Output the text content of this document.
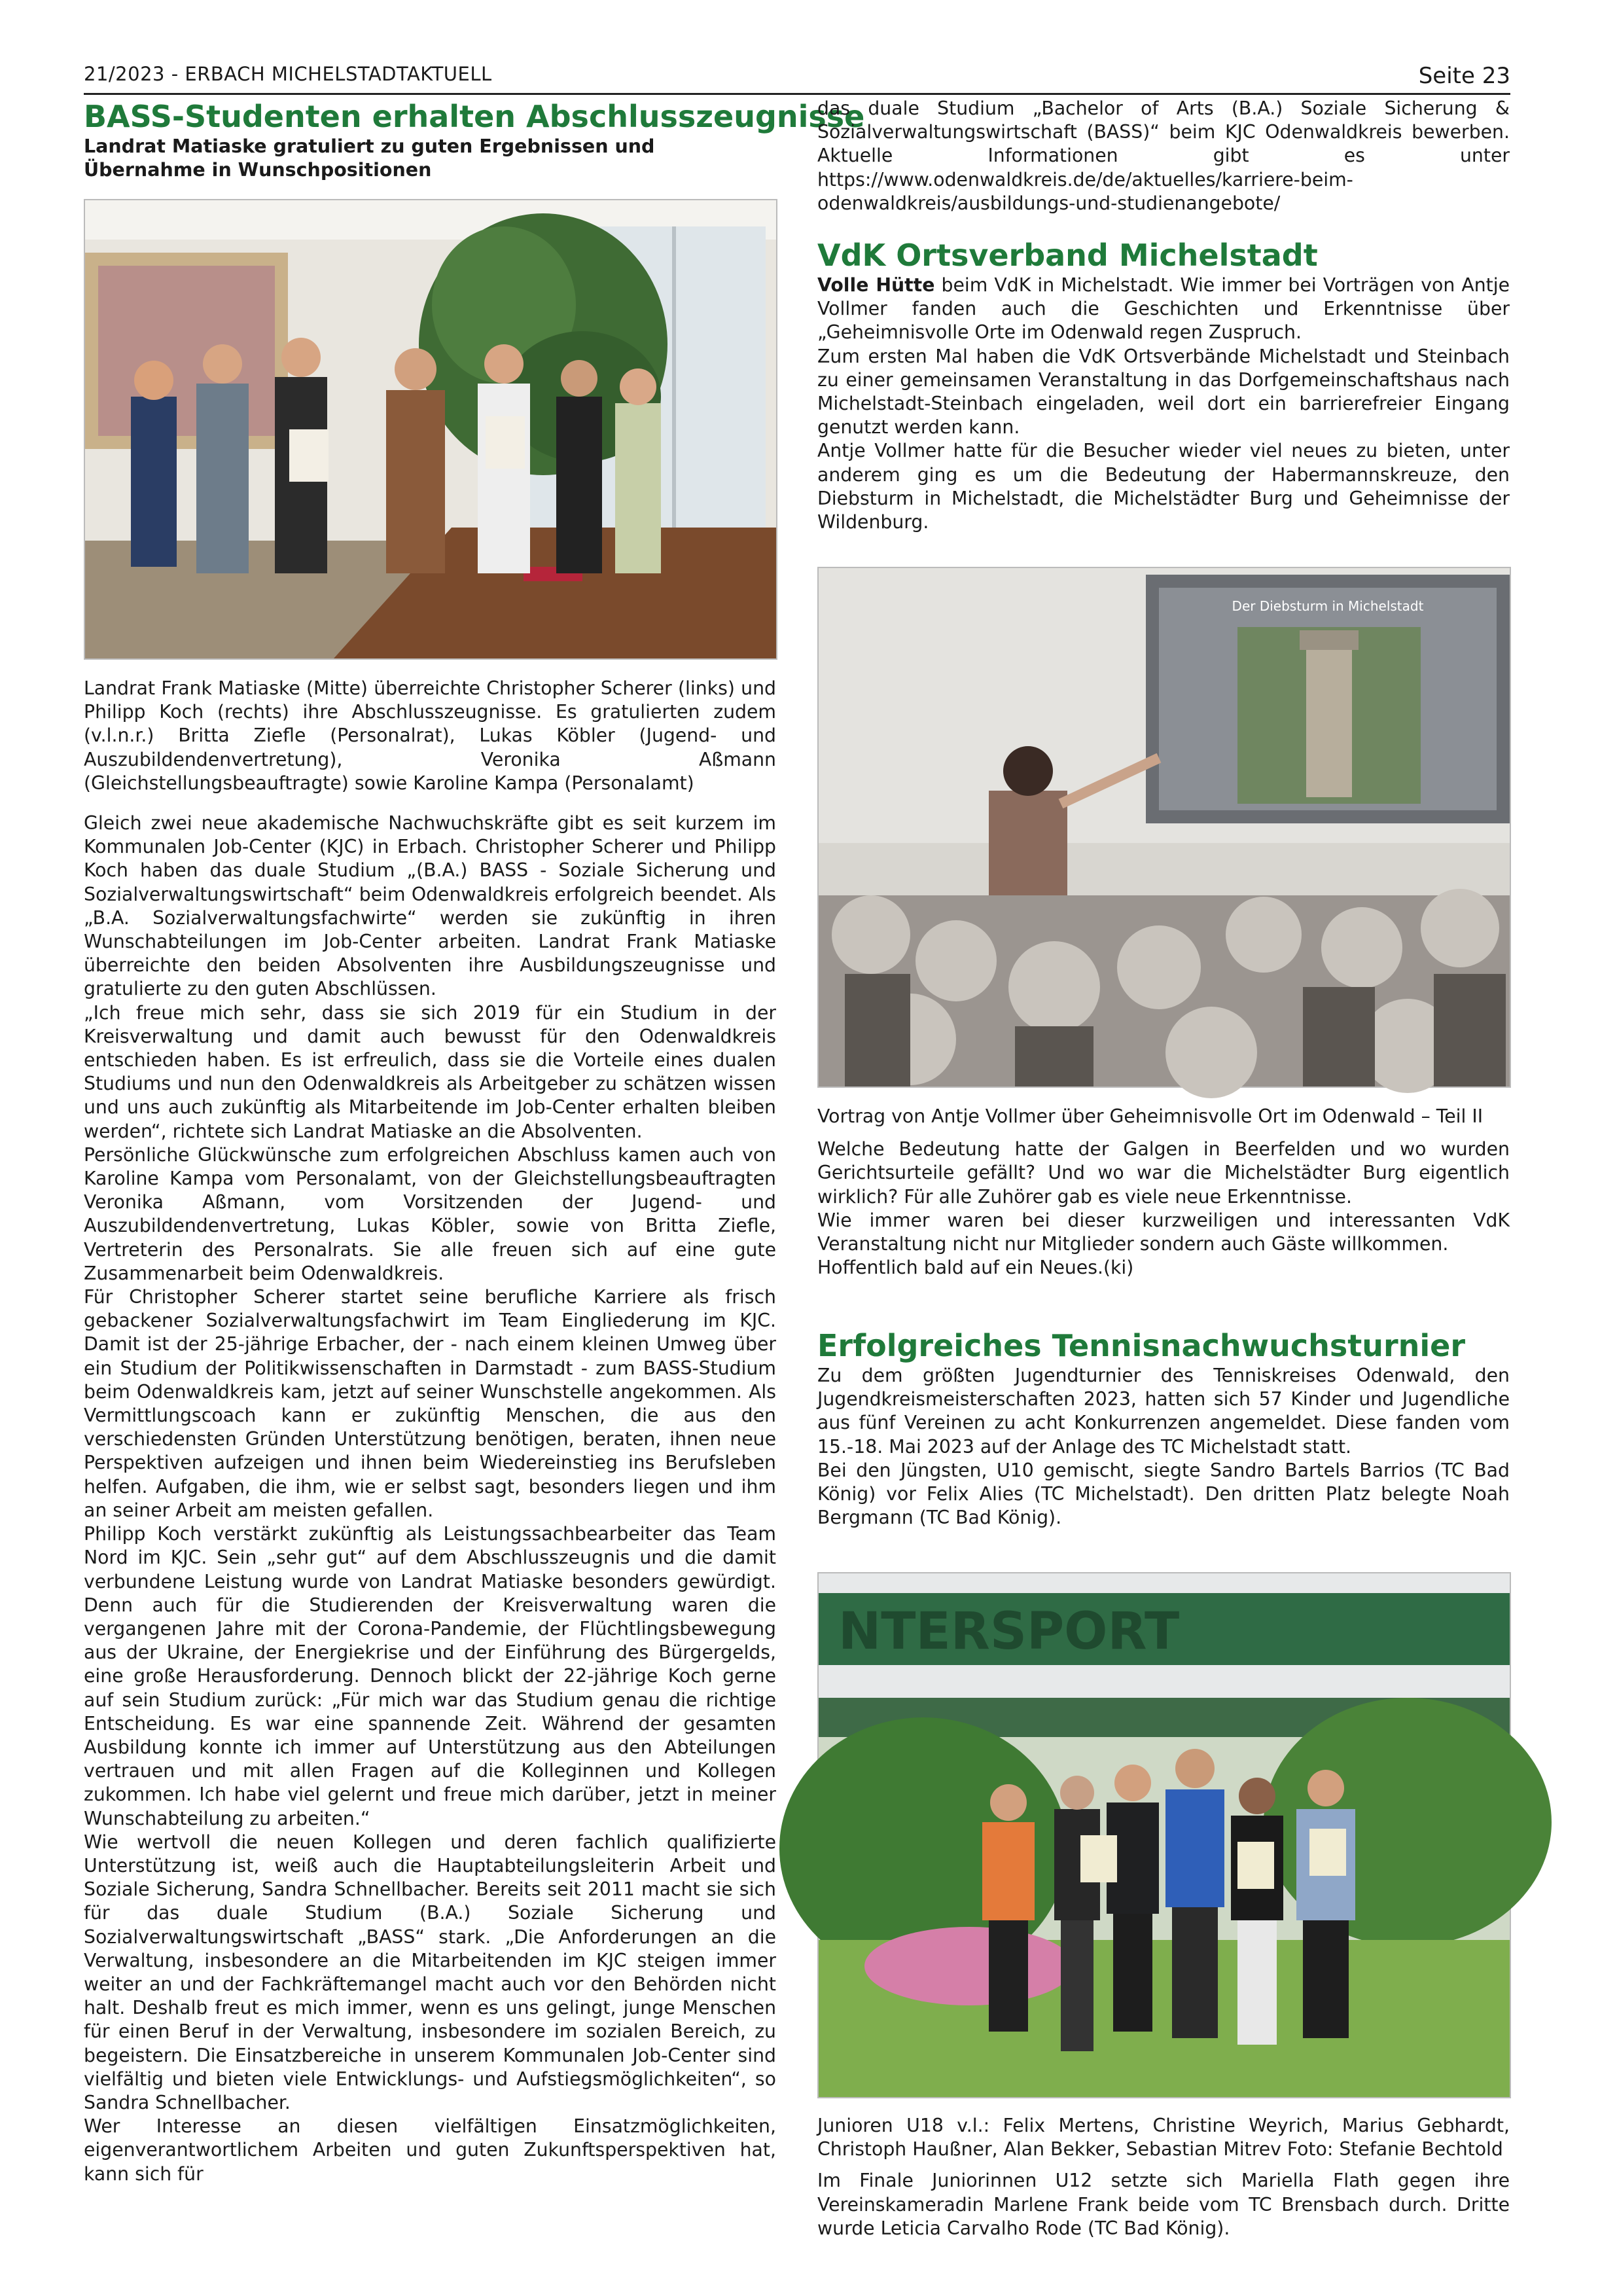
21/2023 - ERBACH MICHELSTADTAKTUELL	Seite 23
BASS-Studenten erhalten Abschlusszeugnisse
Landrat Matiaske gratuliert zu guten Ergebnissen und Übernahme in Wunschpositionen

Landrat Frank Matiaske (Mitte) überreichte Christopher Scherer (links) und Philipp Koch (rechts) ihre Abschlusszeugnisse. Es gratulierten zudem (v.l.n.r.) Britta Ziefle (Personalrat), Lukas Köbler (Jugend- und Auszubildendenvertretung), Veronika Aßmann (Gleichstellungsbeauftragte) sowie Karoline Kampa (Personalamt)

Gleich zwei neue akademische Nachwuchskräfte gibt es seit kurzem im Kommunalen Job-Center (KJC) in Erbach. Christopher Scherer und Philipp Koch haben das duale Studium „(B.A.) BASS - Soziale Sicherung und Sozialverwaltungswirtschaft“ beim Odenwaldkreis erfolgreich beendet. Als „B.A. Sozialverwaltungsfachwirte“ werden sie zukünftig in ihren Wunschabteilungen im Job-Center arbeiten. Landrat Frank Matiaske überreichte den beiden Absolventen ihre Ausbildungszeugnisse und gratulierte zu den guten Abschlüssen.

„Ich freue mich sehr, dass sie sich 2019 für ein Studium in der Kreisverwaltung und damit auch bewusst für den Odenwaldkreis entschieden haben. Es ist erfreulich, dass sie die Vorteile eines dualen Studiums und nun den Odenwaldkreis als Arbeitgeber zu schätzen wissen und uns auch zukünftig als Mitarbeitende im Job-Center erhalten bleiben werden“, richtete sich Landrat Matiaske an die Absolventen.

Persönliche Glückwünsche zum erfolgreichen Abschluss kamen auch von Karoline Kampa vom Personalamt, von der Gleichstellungsbeauftragten Veronika Aßmann, vom Vorsitzenden der Jugend- und Auszubildendenvertretung, Lukas Köbler, sowie von Britta Ziefle, Vertreterin des Personalrats. Sie alle freuen sich auf eine gute Zusammenarbeit beim Odenwaldkreis.

Für Christopher Scherer startet seine berufliche Karriere als frisch gebackener Sozialverwaltungsfachwirt im Team Eingliederung im KJC. Damit ist der 25-jährige Erbacher, der - nach einem kleinen Umweg über ein Studium der Politikwissenschaften in Darmstadt - zum BASS-Studium beim Odenwaldkreis kam, jetzt auf seiner Wunschstelle angekommen. Als Vermittlungscoach kann er zukünftig Menschen, die aus den verschiedensten Gründen Unterstützung benötigen, beraten, ihnen neue Perspektiven aufzeigen und ihnen beim Wiedereinstieg ins Berufsleben helfen. Aufgaben, die ihm, wie er selbst sagt, besonders liegen und ihm an seiner Arbeit am meisten gefallen.

Philipp Koch verstärkt zukünftig als Leistungssachbearbeiter das Team Nord im KJC. Sein „sehr gut“ auf dem Abschlusszeugnis und die damit verbundene Leistung wurde von Landrat Matiaske besonders gewürdigt. Denn auch für die Studierenden der Kreisverwaltung waren die vergangenen Jahre mit der Corona-Pandemie, der Flüchtlingsbewegung aus der Ukraine, der Energiekrise und der Einführung des Bürgergelds, eine große Herausforderung. Dennoch blickt der 22-jährige Koch gerne auf sein Studium zurück: „Für mich war das Studium genau die richtige Entscheidung. Es war eine spannende Zeit. Während der gesamten Ausbildung konnte ich immer auf Unterstützung aus den Abteilungen vertrauen und mit allen Fragen auf die Kolleginnen und Kollegen zukommen. Ich habe viel gelernt und freue mich darüber, jetzt in meiner Wunschabteilung zu arbeiten.“

Wie wertvoll die neuen Kollegen und deren fachlich qualifizierte Unterstützung ist, weiß auch die Hauptabteilungsleiterin Arbeit und Soziale Sicherung, Sandra Schnellbacher. Bereits seit 2011 macht sie sich für das duale Studium (B.A.) Soziale Sicherung und Sozialverwaltungswirtschaft „BASS“ stark. „Die Anforderungen an die Verwaltung, insbesondere an die Mitarbeitenden im KJC steigen immer weiter an und der Fachkräftemangel macht auch vor den Behörden nicht halt. Deshalb freut es mich immer, wenn es uns gelingt, junge Menschen für einen Beruf in der Verwaltung, insbesondere im sozialen Bereich, zu begeistern. Die Einsatzbereiche in unserem Kommunalen Job-Center sind vielfältig und bieten viele Entwicklungs- und Aufstiegsmöglichkeiten“, so Sandra Schnellbacher.

Wer Interesse an diesen vielfältigen Einsatzmöglichkeiten, eigenverantwortlichem Arbeiten und guten Zukunftsperspektiven hat, kann sich für

das duale Studium „Bachelor of Arts (B.A.) Soziale Sicherung & Sozialverwaltungswirtschaft (BASS)“ beim KJC Odenwaldkreis bewerben. Aktuelle Informationen gibt es unter https://www.odenwaldkreis.de/de/aktuelles/karriere-beim-odenwaldkreis/ausbildungs-und-studienangebote/

VdK Ortsverband Michelstadt

Volle Hütte beim VdK in Michelstadt. Wie immer bei Vorträgen von Antje Vollmer fanden auch die Geschichten und Erkenntnisse über „Geheimnisvolle Orte im Odenwald regen Zuspruch.

Zum ersten Mal haben die VdK Ortsverbände Michelstadt und Steinbach zu einer gemeinsamen Veranstaltung in das Dorfgemeinschaftshaus nach Michelstadt-Steinbach eingeladen, weil dort ein barrierefreier Eingang genutzt werden kann.

Antje Vollmer hatte für die Besucher wieder viel neues zu bieten, unter anderem ging es um die Bedeutung der Habermannskreuze, den Diebsturm in Michelstadt, die Michelstädter Burg und Geheimnisse der Wildenburg.

Der Diebsturm in Michelstadt

Vortrag von Antje Vollmer über Geheimnisvolle Ort im Odenwald – Teil II

Welche Bedeutung hatte der Galgen in Beerfelden und wo wurden Gerichtsurteile gefällt? Und wo war die Michelstädter Burg eigentlich wirklich? Für alle Zuhörer gab es viele neue Erkenntnisse.

Wie immer waren bei dieser kurzweiligen und interessanten VdK Veranstaltung nicht nur Mitglieder sondern auch Gäste willkommen.

Hoffentlich bald auf ein Neues.(ki)

Erfolgreiches Tennisnachwuchsturnier

Zu dem größten Jugendturnier des Tenniskreises Odenwald, den Jugendkreismeisterschaften 2023, hatten sich 57 Kinder und Jugendliche aus fünf Vereinen zu acht Konkurrenzen angemeldet. Diese fanden vom 15.-18. Mai 2023 auf der Anlage des TC Michelstadt statt.

Bei den Jüngsten, U10 gemischt, siegte Sandro Bartels Barrios (TC Bad König) vor Felix Alies (TC Michelstadt). Den dritten Platz belegte Noah Bergmann (TC Bad König).

NTERSPORT

Junioren U18 v.l.: Felix Mertens, Christine Weyrich, Marius Gebhardt, Christoph Haußner, Alan Bekker, Sebastian Mitrev Foto: Stefanie Bechtold

Im Finale Juniorinnen U12 setzte sich Mariella Flath gegen ihre Vereinskameradin Marlene Frank beide vom TC Brensbach durch. Dritte wurde Leticia Carvalho Rode (TC Bad König).
